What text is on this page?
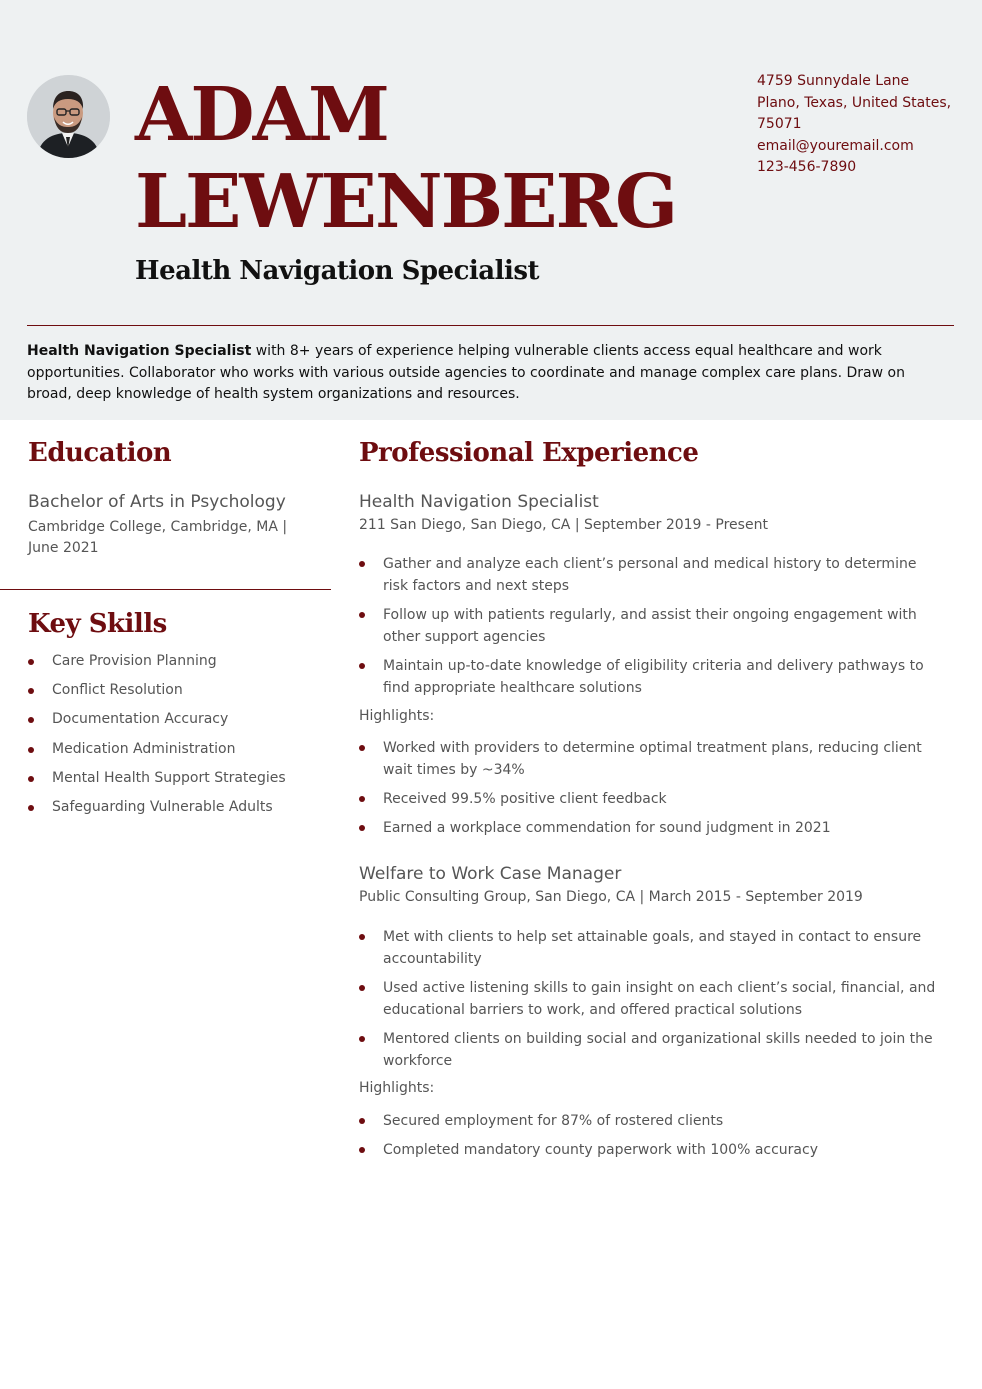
ADAM
LEWENBERG
Health Navigation Specialist
4759 Sunnydale Lane
Plano, Texas, United States,
75071
email@youremail.com
123-456-7890

Health Navigation Specialist with 8+ years of experience helping vulnerable clients access equal healthcare and work opportunities. Collaborator who works with various outside agencies to coordinate and manage complex care plans. Draw on broad, deep knowledge of health system organizations and resources.

Education

Bachelor of Arts in Psychology

Cambridge College, Cambridge, MA | June 2021

Key Skills
Care Provision Planning
Conflict Resolution
Documentation Accuracy
Medication Administration
Mental Health Support Strategies
Safeguarding Vulnerable Adults
Professional Experience

Health Navigation Specialist

211 San Diego, San Diego, CA | September 2019 - Present

Gather and analyze each client’s personal and medical history to determine risk factors and next steps
Follow up with patients regularly, and assist their ongoing engagement with other support agencies
Maintain up-to-date knowledge of eligibility criteria and delivery pathways to find appropriate healthcare solutions

Highlights:

Worked with providers to determine optimal treatment plans, reducing client wait times by ~34%
Received 99.5% positive client feedback
Earned a workplace commendation for sound judgment in 2021

Welfare to Work Case Manager

Public Consulting Group, San Diego, CA | March 2015 - September 2019

Met with clients to help set attainable goals, and stayed in contact to ensure accountability
Used active listening skills to gain insight on each client’s social, financial, and educational barriers to work, and offered practical solutions
Mentored clients on building social and organizational skills needed to join the workforce

Highlights:

Secured employment for 87% of rostered clients
Completed mandatory county paperwork with 100% accuracy
